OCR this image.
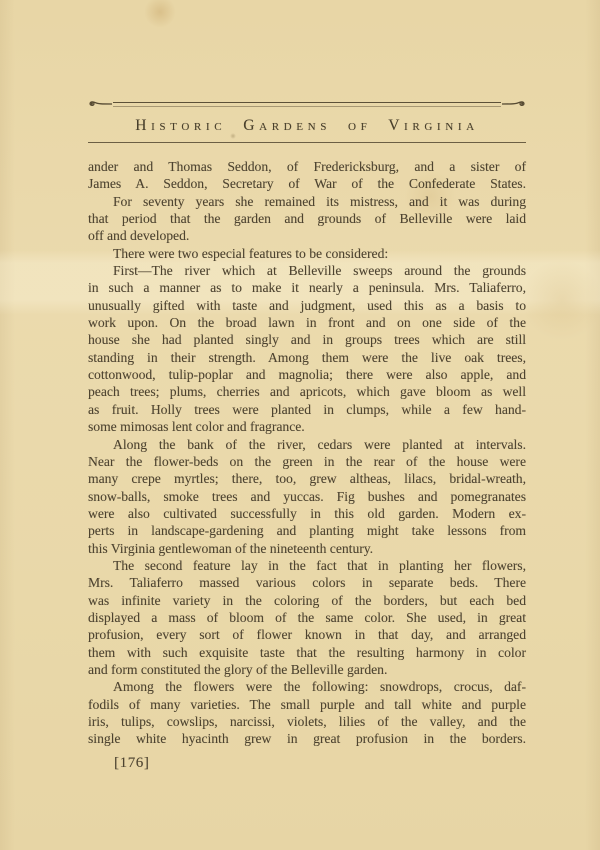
Historic Gardens of Virginia
ander and Thomas Seddon, of Fredericksburg, and a sister of
James A. Seddon, Secretary of War of the Confederate States.
For seventy years she remained its mistress, and it was during
that period that the garden and grounds of Belleville were laid
off and developed.
There were two especial features to be considered:
First—The river which at Belleville sweeps around the grounds
in such a manner as to make it nearly a peninsula. Mrs. Taliaferro,
unusually gifted with taste and judgment, used this as a basis to
work upon. On the broad lawn in front and on one side of the
house she had planted singly and in groups trees which are still
standing in their strength. Among them were the live oak trees,
cottonwood, tulip-poplar and magnolia; there were also apple, and
peach trees; plums, cherries and apricots, which gave bloom as well
as fruit. Holly trees were planted in clumps, while a few hand-
some mimosas lent color and fragrance.
Along the bank of the river, cedars were planted at intervals.
Near the flower-beds on the green in the rear of the house were
many crepe myrtles; there, too, grew altheas, lilacs, bridal-wreath,
snow-balls, smoke trees and yuccas. Fig bushes and pomegranates
were also cultivated successfully in this old garden. Modern ex-
perts in landscape-gardening and planting might take lessons from
this Virginia gentlewoman of the nineteenth century.
The second feature lay in the fact that in planting her flowers,
Mrs. Taliaferro massed various colors in separate beds. There
was infinite variety in the coloring of the borders, but each bed
displayed a mass of bloom of the same color. She used, in great
profusion, every sort of flower known in that day, and arranged
them with such exquisite taste that the resulting harmony in color
and form constituted the glory of the Belleville garden.
Among the flowers were the following: snowdrops, crocus, daf-
fodils of many varieties. The small purple and tall white and purple
iris, tulips, cowslips, narcissi, violets, lilies of the valley, and the
single white hyacinth grew in great profusion in the borders.
[176]
